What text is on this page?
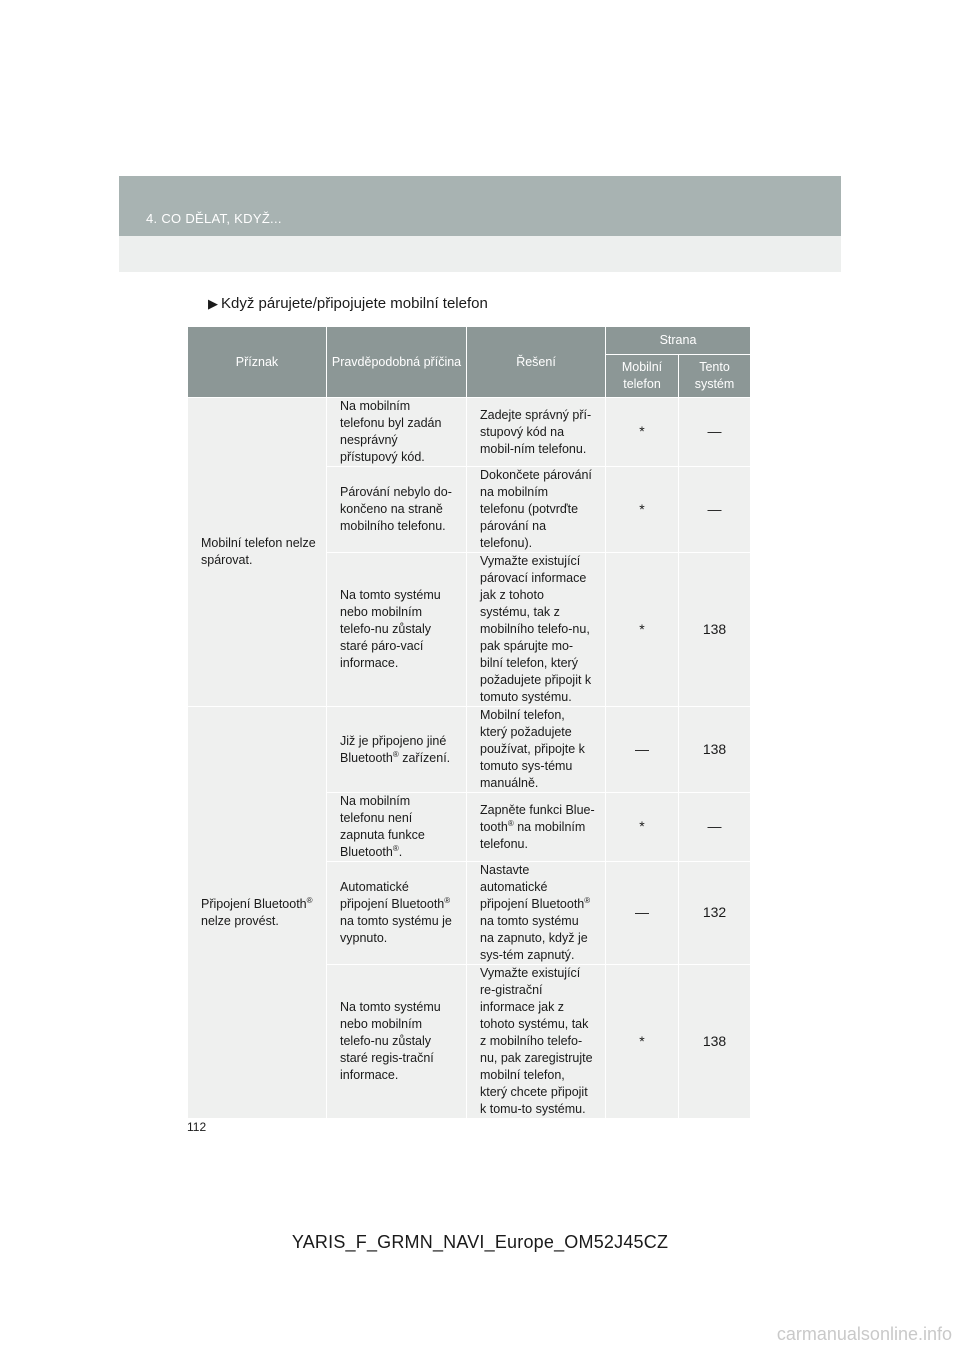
4. CO DĚLAT, KDYŽ...
▶ Když párujete/připojujete mobilní telefon
Příznak	Pravděpodobná příčina	Řešení	Strana	
			Mobilní telefon	Tento systém
Mobilní telefon nelze spárovat.	Na mobilním telefonu byl zadán nesprávný přístupový kód.	Zadejte správný pří-stupový kód na mobil-ním telefonu.	*	—
	Párování nebylo do-končeno na straně mobilního telefonu.	Dokončete párování na mobilním telefonu (potvrďte párování na telefonu).	*	—
	Na tomto systému nebo mobilním telefo-nu zůstaly staré páro-vací informace.	Vymažte existující párovací informace jak z tohoto systému, tak z mobilního telefo-nu, pak spárujte mo-bilní telefon, který požadujete připojit k tomuto systému.	*	138
Připojení Bluetooth® nelze provést.	Již je připojeno jiné Bluetooth® zařízení.	Mobilní telefon, který požadujete používat, připojte k tomuto sys-tému manuálně.	—	138
	Na mobilním telefonu není zapnuta funkce Bluetooth®.	Zapněte funkci Blue-tooth® na mobilním telefonu.	*	—
	Automatické připojení Bluetooth® na tomto systému je vypnuto.	Nastavte automatické připojení Bluetooth® na tomto systému na zapnuto, když je sys-tém zapnutý.	—	132
	Na tomto systému nebo mobilním telefo-nu zůstaly staré regis-trační informace.	Vymažte existující re-gistrační informace jak z tohoto systému, tak z mobilního telefo-nu, pak zaregistrujte mobilní telefon, který chcete připojit k tomu-to systému.	*	138
112
YARIS_F_GRMN_NAVI_Europe_OM52J45CZ
carmanualsonline.info
